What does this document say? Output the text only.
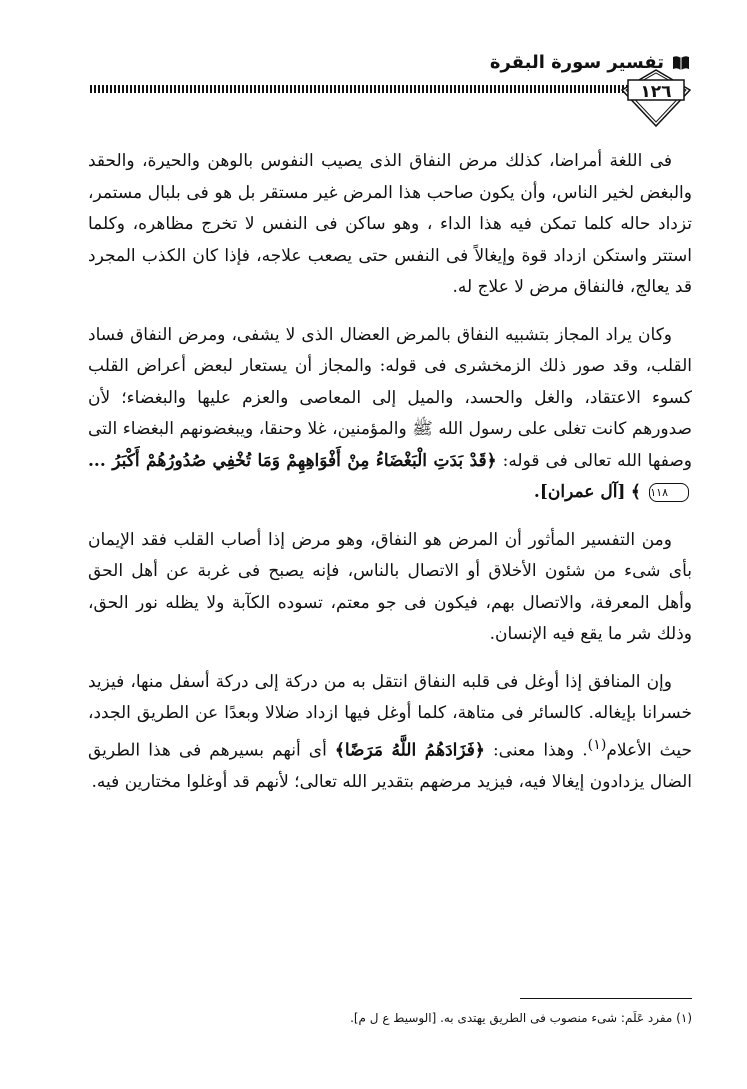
تفسير سورة البقرة
١٢٦

فى اللغة أمراضا، كذلك مرض النفاق الذى يصيب النفوس بالوهن والحيرة، والحقد والبغض لخير الناس، وأن يكون صاحب هذا المرض غير مستقر بل هو فى بلبال مستمر، تزداد حاله كلما تمكن فيه هذا الداء ، وهو ساكن فى النفس لا تخرج مظاهره، وكلما استتر واستكن ازداد قوة وإيغالاً فى النفس حتى يصعب علاجه، فإذا كان الكذب المجرد قد يعالج، فالنفاق مرض لا علاج له.

وكان يراد المجاز بتشبيه النفاق بالمرض العضال الذى لا يشفى، ومرض النفاق فساد القلب، وقد صور ذلك الزمخشرى فى قوله: والمجاز أن يستعار لبعض أعراض القلب كسوء الاعتقاد، والغل والحسد، والميل إلى المعاصى والعزم عليها والبغضاء؛ لأن صدورهم كانت تغلى على رسول الله ﷺ والمؤمنين، غلا وحنقا، ويبغضونهم البغضاء التى وصفها الله تعالى فى قوله: ﴿قَدْ بَدَتِ الْبَغْضَاءُ مِنْ أَفْوَاهِهِمْ وَمَا تُخْفِي صُدُورُهُمْ أَكْبَرُ ... ١١٨ ﴾ [آل عمران].

ومن التفسير المأثور أن المرض هو النفاق، وهو مرض إذا أصاب القلب فقد الإيمان بأى شىء من شئون الأخلاق أو الاتصال بالناس، فإنه يصبح فى غربة عن أهل الحق وأهل المعرفة، والاتصال بهم، فيكون فى جو معتم، تسوده الكآبة ولا يظله نور الحق، وذلك شر ما يقع فيه الإنسان.

وإن المنافق إذا أوغل فى قلبه النفاق انتقل به من دركة إلى دركة أسفل منها، فيزيد خسرانا بإيغاله. كالسائر فى متاهة، كلما أوغل فيها ازداد ضلالا وبعدًا عن الطريق الجدد، حيث الأعلام$^{(١)}$. وهذا معنى: ﴿فَزَادَهُمُ اللَّهُ مَرَضًا﴾ أى أنهم بسيرهم فى هذا الطريق الضال يزدادون إيغالا فيه، فيزيد مرضهم بتقدير الله تعالى؛ لأنهم قد أوغلوا مختارين فيه.

(١) مفرد عَلَم: شىء منصوب فى الطريق يهتدى به. [الوسيط ع ل م].
